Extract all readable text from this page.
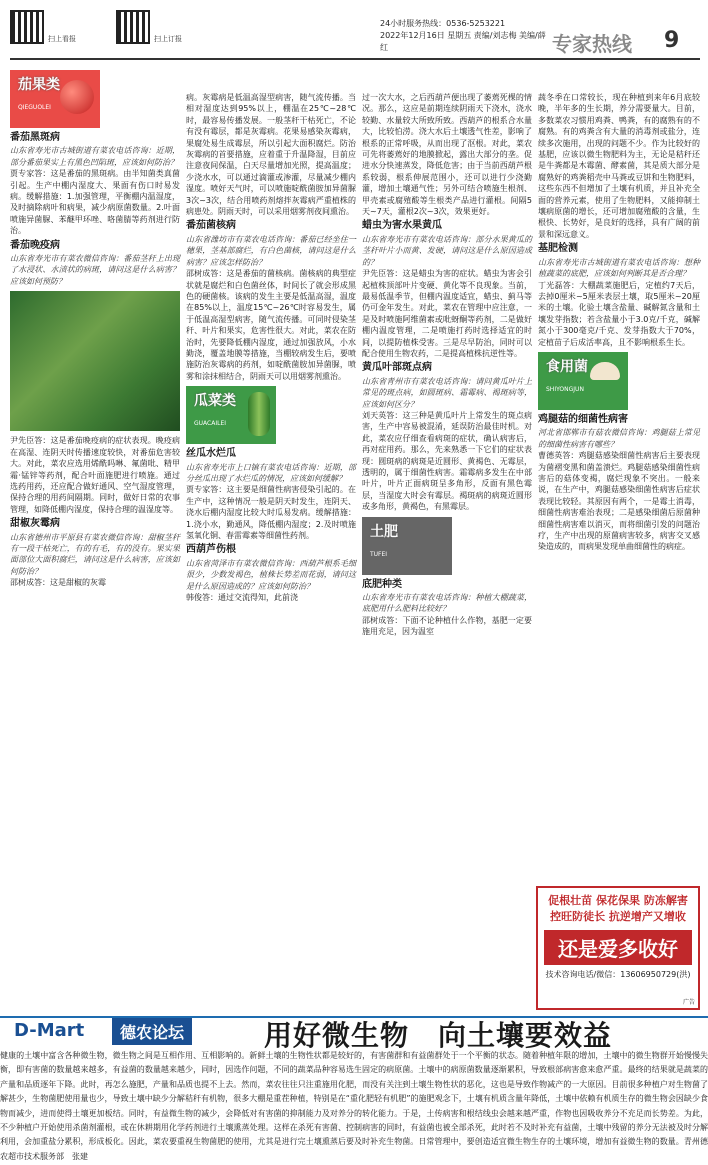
扫上看报	扫上订报
24小时服务热线：0536-5253221
2022年12月16日 星期五 责编/刘志梅 美编/薛红	专家热线 9
茄果类
QIEGUOLEI
番茄黑斑病
山东省寿光市古城街道有菜农电话咨询：近期，部分番茄果实上有黑色凹陷斑，应该如何防治？
贾专家答：这是番茄的黑斑病。由半知菌类真菌引起。生产中棚内湿度大、果面有伤口时易发病。缓解措施：1.加强管理，平衡棚内温湿度，及时摘除病叶和病果，减少病原菌数量。2.叶面喷施异菌脲、苯醚甲环唑、咯菌腈等药剂进行防治。
番茄晚疫病
山东省寿光市有菜农微信咨询：番茄茎秆上出现了水浸状、水渍状的病斑，请问这是什么病害？应该如何预防？
尹先臣答：这是番茄晚疫病的症状表现。晚疫病在高湿、连阴天时传播速度较快，对番茄危害较大。对此，菜农应选用烯酰吗啉、氟菌吡、精甲霜·锰锌等药剂，配合叶面施肥进行喷施。通过选药用药，还应配合做好通风、空气湿度管理，保持合理的用药间隔期。同时，做好日常的农事管理，如降低棚内湿度，保持合理的温湿度等。
甜椒灰霉病
山东省德州市平原县有菜农微信咨询：甜椒茎秆有一段干枯死亡，有的有毛，有的没有。果实果面部位大面积腐烂，请问这是什么病害，应该如何防治？
邵树成答：这是甜椒的灰霉
病。灰霉病是低温高湿型病害，随气流传播。当相对湿度达到95%以上，棚温在25℃~28℃时，最容易传播发展。一般茎秆干枯死亡，不论有没有霉层，都是灰霉病。花果易感染灰霉病，果腐处易生成霉层，所以引起大面积腐烂。防治灰霉病的首要措施，应着重于升温降湿，目前应注意夜间保温，白天尽量增加光照，提高温度；少浇水水，可以通过滴灌或渗灌，尽量减少棚内湿度。喷好天气时，可以喷施啶酰菌胺加异菌脲3次~3次，结合用喷药剂熔拌灰霉病严重植株的病患处。阴雨天时，可以采用烟雾剂夜间熏治。
番茄菌核病
山东省潍坊市有菜农电话咨询：番茄已经坐住一穗果，茎基部腐烂，有白色菌核，请问这是什么病害？应该怎样防治？
邵树成答：这是番茄的菌核病。菌核病的典型症状就是腐烂和白色菌丝体，时间长了就会形成黑色的硬菌核。该病的发生主要是低温高湿，温度在85%以上，温度15℃~26℃时容易发生，属于低温高湿型病害，随气流传播。可同时侵染茎秆、叶片和果实，危害性很大。对此，菜农在防治时，先要降低棚内湿度，通过加强放风，小水勤浇，覆盖地膜等措施，当棚较病发生后，要喷施防治灰霉病的药剂，如啶酰菌胺加异菌脲，喷雾和涂抹相结合，阴雨天可以用烟雾剂熏治。
瓜菜类
GUACAILEI
丝瓜水烂瓜
山东省寿光市上口镇有菜农电话咨询：近期，部分丝瓜出现了水烂瓜的情况，应该如何缓解？
贾专家答：这主要是细菌性病害侵染引起的。在生产中，这种情况一般是阴天时发生，连阴天、浇水后棚内湿度比较大时瓜易发病。缓解措施：1.浇小水，勤通风，降低棚内湿度；2.及时喷施氢氧化铜、春雷霉素等细菌性药剂。
西葫芦伤根
山东省菏泽市有菜农微信咨询：西葫芦根系毛细很少，少数发褐色，植株长势差而花弱，请问这是什么原因造成的？应该如何防治？
韩俊答：通过交流得知，此前浇
过一次大水，之后西葫芦便出现了萎蔫死棵的情况。那么，这应是前期连续阴雨天下浇水，浇水较勤、水量较大所致所致。西葫芦的根系合水量大，比较怕涝。浇大水后土壤透气性差，影响了根系的正常呼吸，从而出现了沤根。对此，菜农可先将萎蔫好的地膜掀起，露出大部分的垄。促进水分快速蒸发，降低危害；由于当前西葫芦根系较弱，根系伸展范围小，还可以进行少浇勤灌，增加土壤通气性；另外可结合喷施生根剂、甲壳素或腐殖酸等生根类产品进行灌根。间隔5天~7天，灌根2次~3次，效果更好。
蜡虫为害水果黄瓜
山东省寿光市有菜农电话咨询：部分水果黄瓜的茎秆叶片小而黄、发硬，请问这是什么原因造成的？
尹先臣答：这是蜡虫为害的症状。蜡虫为害会引起植株顶部叶片变硬、黄化等不良现象。当前，最易低温季节，但棚内温度适宜，蜡虫、蓟马等仍可金年发生。对此，菜农在管理中应注意，一是及时喷施阿维菌素或吡蚜酮等药剂，二是做好棚内温度管理，二是喷施打药时选择适宜的时间，以提防植株受害。三是尽早防治，同时可以配合使用生物农药，二是提高植株抗逆性等。
黄瓜叶部斑点病
山东省青州市有菜农电话咨询：请问黄瓜叶片上常见的斑点病，如圆斑病、霜霉病、褐斑病等，应该如何区分？
刘天英答：这三种是黄瓜叶片上常发生的斑点病害，生产中容易被混淆，延误防治最佳时机。对此，菜农应仔细查看病斑的症状，确认病害后，再对症用药。那么，先来熟悉一下它们的症状表现：圆斑病的病斑是近圆形、黄褐色、无霉层，透明的，属于细菌性病害。霜霉病多发生在中部叶片，叶片正面病斑呈多角形，反面有黑色霉层，当湿度大时会有霉层。褐斑病的病斑近圆形或多角形，黄褐色，有黑霉层。
土肥
TUFEI
底肥种类
山东省寿光市有菜农电话咨询：种植大棚蔬菜，底肥用什么肥料比较好？
邵树成答：下面不论种植什么作物，基肥一定要施用充足，因为温室
蔬冬季在口常较长，现在种植到来年6月底较晚，半年多的生长期，养分需要量大。目前，多数菜农习惯用鸡粪、鸭粪，有的腐熟有的不腐熟。有的鸡粪含有大量的消毒剂或盐分，连续多次施用，出现的问题不少。作为比较好的基肥，应该以微生物肥料为主，无论是秸秆还是牛粪都是木霉菌、酵素菌，其是质大部分是腐熟好的鸡粪稻壳中马粪或豆饼和生物肥料，这些东西不但增加了土壤有机质，并且补充全面的营养元素，使用了生物肥料，又能抑制土壤病原菌的增长，还可增加腐殖酸的含量，生根快、长势好，是良好的选择，具有广阔的前景和深远意义。
基肥检测
山东省寿光市古城街道有菜农电话咨询：想种植蔬菜的底肥，应该如何判断其是否合理？
丁光磊答：大棚蔬菜施肥后，定植约7天后，去掉0厘米~5厘米表层土壤，取5厘米~20厘米的土壤。化验土壤含盐量、碱解氮含量和土壤发芽指数；若含盐量小于3.0克/千克，碱解氮小于300毫克/千克、发芽指数大于70%，定植苗子后成活率高，且不影响根系生长。
食用菌
SHIYONGJUN
鸡腿菇的细菌性病害
河北省邯郸市有菇农微信咨询：鸡腿菇上常见的细菌性病害有哪些？
曹德英答：鸡腿菇感染细菌性病害后主要表现为菌褶变黑和菌盖溃烂。鸡腿菇感染细菌性病害后的菇体变褐，腐烂现象不突出。一般来说，在生产中，鸡腿菇感染细菌性病害后症状表现比较轻。其原因有两个，一是霉土消毒，细菌性病害难治表现；二是感染细菌后原菌种细菌性病害难以消灭，而将细菌引发的问题治疗，生产中出现的原菌病害较多，病害交叉感染造成的，而病果发现单曲细菌性的病症。
促根壮苗 保花保果 防冻解害
控旺防徒长 抗逆增产又增收
还是爱多收好
技术咨询电话/微信：13606950729(洪)
广告
D-Mart	德农论坛	用好微生物　向土壤要效益
健康的土壤中富含各种微生物，微生物之间是互相作用、互相影响的。新鲜土壤的生物性状都是较好的，有害菌群和有益菌群处于一个平衡的状态。随着种植年限的增加，土壤中的微生物群开始慢慢失衡，即有害菌的数量越来越多，有益菌的数量越来越少，同时，因选作问题，不同的蔬菜品种容易选生固定的病原菌。土壤中的病原菌数量逐渐累积， 导致根部病害愈来愈严重。最终的结果就是蔬菜的产量和品质逐年下降。此时，再怎么施肥，产量和品质也提不上去。然而，菜农往往只注重施用化肥，而没有关注到土壤生物性状的恶化，这也是导致作物减产的一大原因。目前很多种植户对生物菌了解甚少，生物菌肥使用量也少，导致土壤中缺少分解秸秆有机物，很多大棚是重茬种植，特别是在“重化肥轻有机 肥”的施肥观念下，土壤有机质含量年降低，土壤中依赖有机质生存的微生物会因缺少食物而减少，进而使得土壤更加板结。同时，有益微生物的减少，会降低对有害菌的抑制能力及对养分的转化能力。于是，土传病害和根结线虫会越来越严重，作物也因吸收养分不充足而长势差。为此，不少种植户开始使用杀菌剂灌根，或在休耕期用化学药剂进行 土壤熏蒸处理。这样在杀死有害菌、控制病害的同时，有益菌也被全部杀死，此时若不及时补充有益菌，土壤中残留的养分无法被及时分解利用，会加重盐分累积，形成板化。因此，菜农要重视生物菌肥的使用，尤其是进行完土壤熏蒸后要及时补充生物菌。日常管理中，要创造适宜微生物生存的土壤环境，增加有益微生物的数量。 青州德农超市技术服务部　张建
